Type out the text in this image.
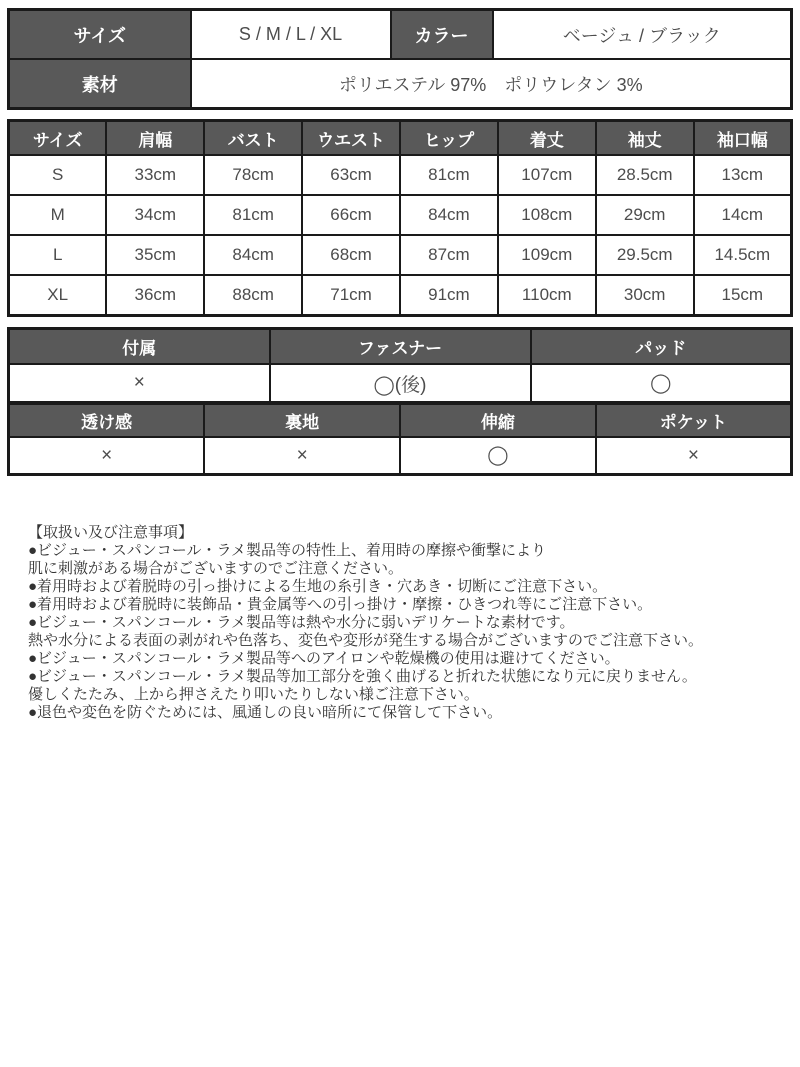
サイズ	S / M / L / XL	カラー	ベージュ / ブラック
素材	ポリエステル 97%　ポリウレタン 3%		
サイズ	肩幅	バスト	ウエスト	ヒップ	着丈	袖丈	袖口幅
S	33cm	78cm	63cm	81cm	107cm	28.5cm	13cm
M	34cm	81cm	66cm	84cm	108cm	29cm	14cm
L	35cm	84cm	68cm	87cm	109cm	29.5cm	14.5cm
XL	36cm	88cm	71cm	91cm	110cm	30cm	15cm
付属	ファスナー	パッド
×	◯(後)	◯
透け感	裏地	伸縮	ポケット
×	×	◯	×
【取扱い及び注意事項】
●ビジュー・スパンコール・ラメ製品等の特性上、着用時の摩擦や衝撃により
肌に刺激がある場合がございますのでご注意ください。
●着用時および着脱時の引っ掛けによる生地の糸引き・穴あき・切断にご注意下さい。
●着用時および着脱時に装飾品・貴金属等への引っ掛け・摩擦・ひきつれ等にご注意下さい。
●ビジュー・スパンコール・ラメ製品等は熱や水分に弱いデリケートな素材です。
熱や水分による表面の剥がれや色落ち、変色や変形が発生する場合がございますのでご注意下さい。
●ビジュー・スパンコール・ラメ製品等へのアイロンや乾燥機の使用は避けてください。
●ビジュー・スパンコール・ラメ製品等加工部分を強く曲げると折れた状態になり元に戻りません。
優しくたたみ、上から押さえたり叩いたりしない様ご注意下さい。
●退色や変色を防ぐためには、風通しの良い暗所にて保管して下さい。
